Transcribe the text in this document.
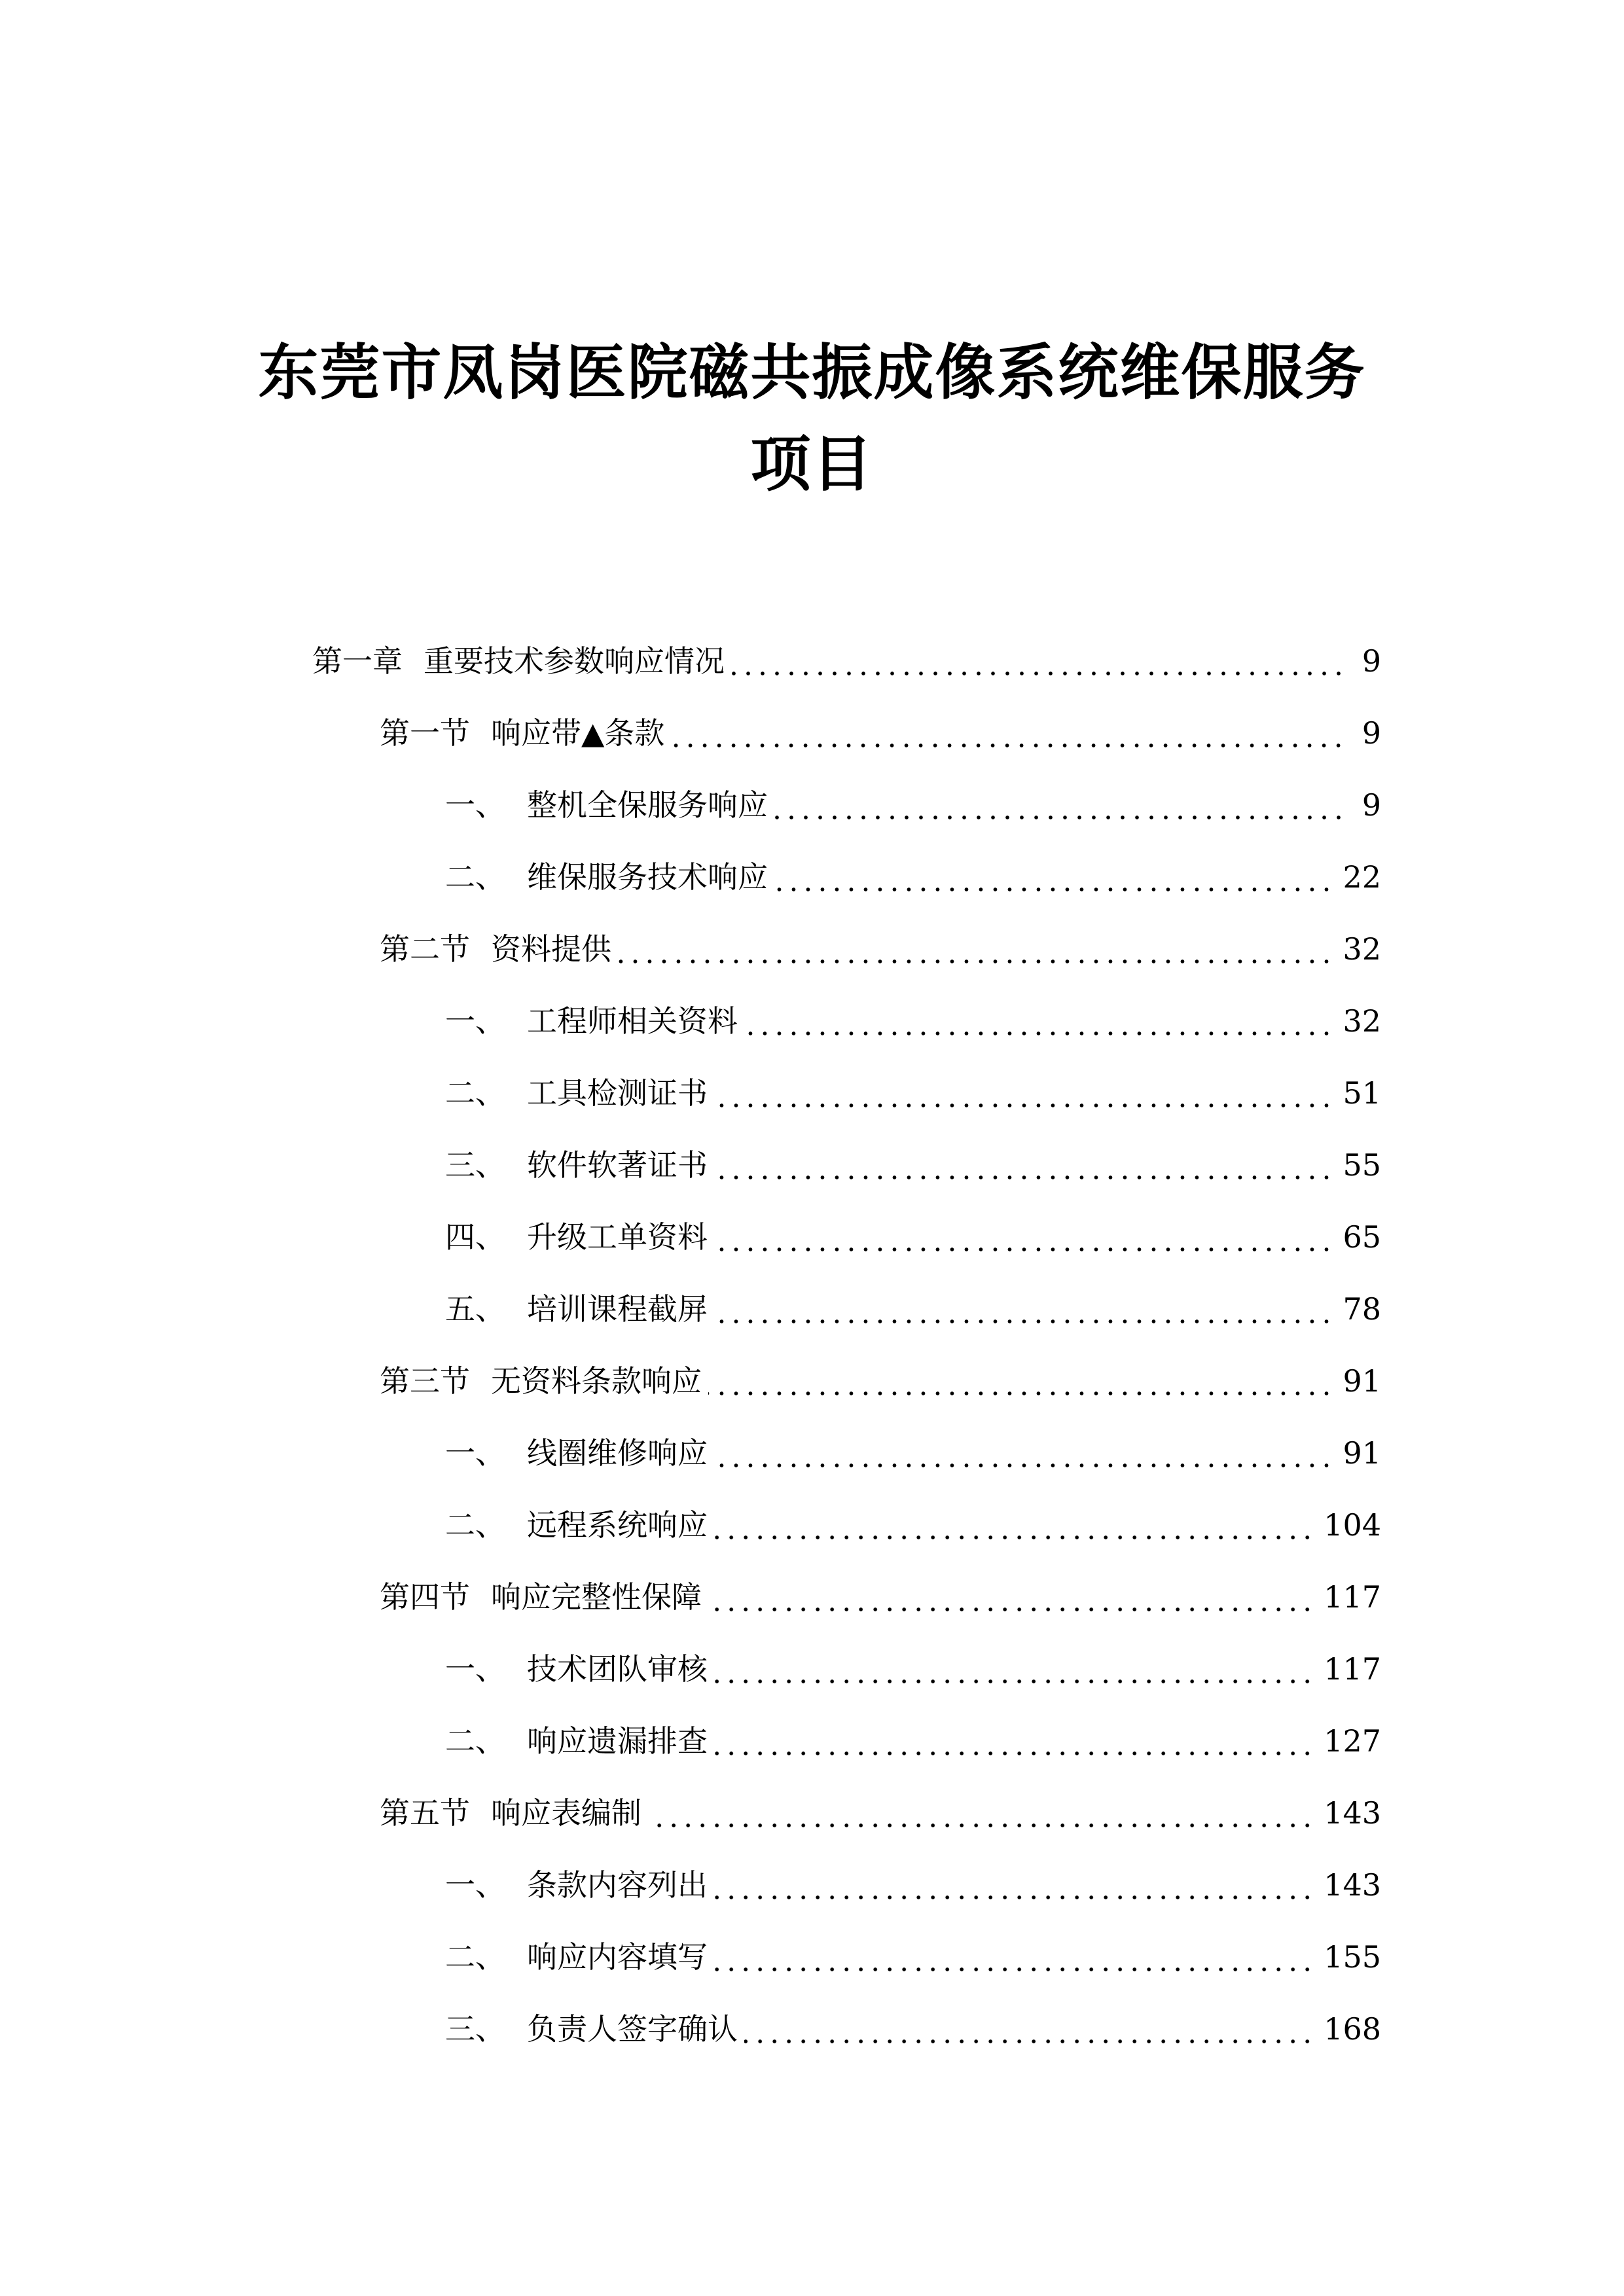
东莞市凤岗医院磁共振成像系统维保服务
项目
第一章 重要技术参数响应情况	9
第一节 响应带▲条款	9
一、 整机全保服务响应	9
二、 维保服务技术响应	22
第二节 资料提供	32
一、 工程师相关资料	32
二、 工具检测证书	51
三、 软件软著证书	55
四、 升级工单资料	65
五、 培训课程截屏	78
第三节 无资料条款响应	91
一、 线圈维修响应	91
二、 远程系统响应	104
第四节 响应完整性保障	117
一、 技术团队审核	117
二、 响应遗漏排查	127
第五节 响应表编制	143
一、 条款内容列出	143
二、 响应内容填写	155
三、 负责人签字确认	168
